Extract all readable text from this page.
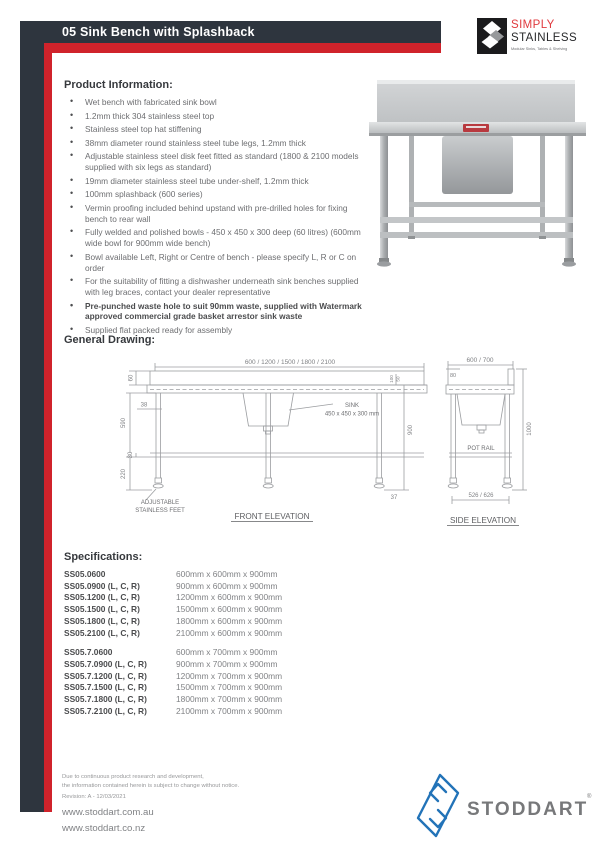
05 Sink Bench with Splashback	SIMPLY
STAINLESS
Modular Sinks, Tables & Shelving
Product Information:
• Wet bench with fabricated sink bowl
• 1.2mm thick 304 stainless steel top
• Stainless steel top hat stiffening
• 38mm diameter round stainless steel tube legs, 1.2mm thick
• Adjustable stainless steel disk feet fitted as standard (1800 & 2100 models supplied with six legs as standard)
• 19mm diameter stainless steel tube under-shelf, 1.2mm thick
• 100mm splashback (600 series)
• Vermin proofing included behind upstand with pre-drilled holes for fixing bench to rear wall
• Fully welded and polished bowls - 450 x 450 x 300 deep (60 litres) (600mm wide bowl for 900mm wide bench)
• Bowl available Left, Right or Centre of bench - please specify L, R or C on order
• For the suitability of fitting a dishwasher underneath sink benches supplied with leg braces, contact your dealer representative
• Pre-punched waste hole to suit 90mm waste, supplied with Watermark approved commercial grade basket arrestor sink waste
• Supplied flat packed ready for assembly
General Drawing:
600 / 1200 / 1500 / 1800 / 2100
60
38
590
30
220
100 50
900
37
SINK
450 x 450 x 300 mm
ADJUSTABLE
STAINLESS FEET
FRONT ELEVATION
600 / 700
80
1000
POT RAIL
526 / 626
SIDE ELEVATION
Specifications:
SS05.0600	600mm x 600mm x 900mm
SS05.0900 (L, C, R)	900mm x 600mm x 900mm
SS05.1200 (L, C, R)	1200mm x 600mm x 900mm
SS05.1500 (L, C, R)	1500mm x 600mm x 900mm
SS05.1800 (L, C, R)	1800mm x 600mm x 900mm
SS05.2100 (L, C, R)	2100mm x 600mm x 900mm
SS05.7.0600	600mm x 700mm x 900mm
SS05.7.0900 (L, C, R)	900mm x 700mm x 900mm
SS05.7.1200 (L, C, R)	1200mm x 700mm x 900mm
SS05.7.1500 (L, C, R)	1500mm x 700mm x 900mm
SS05.7.1800 (L, C, R)	1800mm x 700mm x 900mm
SS05.7.2100 (L, C, R)	2100mm x 700mm x 900mm
Due to continuous product research and development,
the information contained herein is subject to change without notice.
Revision: A - 12/03/2021
www.stoddart.com.au
www.stoddart.co.nz
STODDART
®
